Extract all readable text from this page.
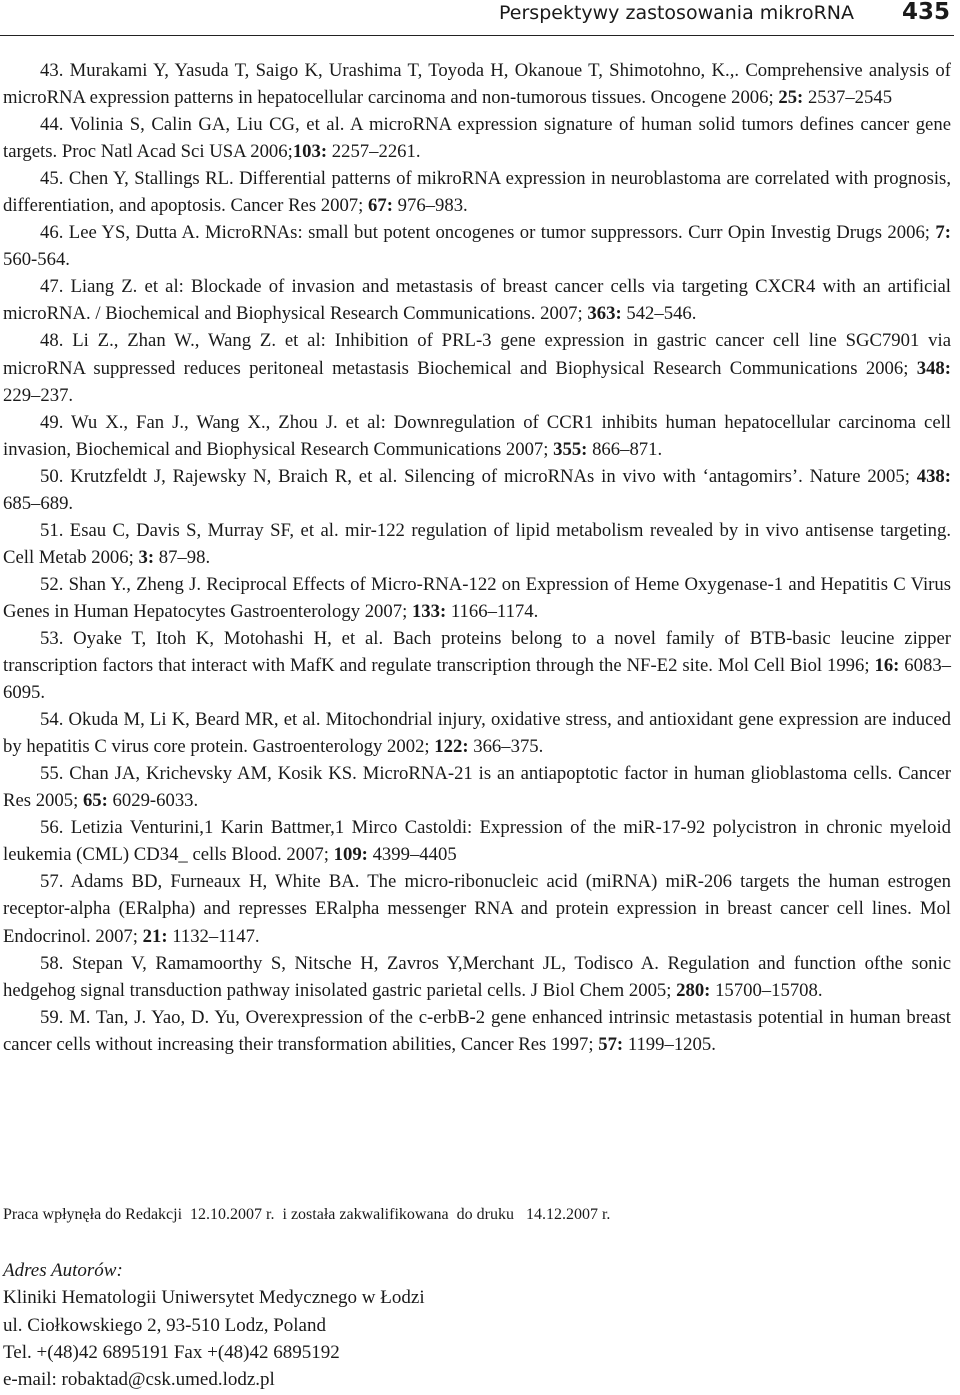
Perspektywy zastosowania mikroRNA 435

43. Murakami Y, Yasuda T, Saigo K, Urashima T, Toyoda H, Okanoue T, Shimotohno, K.,. Comprehensive analysis of microRNA expression patterns in hepatocellular carcinoma and non-tumorous tissues. Oncogene 2006; 25: 2537–2545

44. Volinia S, Calin GA, Liu CG, et al. A microRNA expression signature of human solid tumors defines cancer gene targets. Proc Natl Acad Sci USA 2006;103: 2257–2261.

45. Chen Y, Stallings RL. Differential patterns of mikroRNA expression in neuroblastoma are correlated with prognosis, differentiation, and apoptosis. Cancer Res 2007; 67: 976–983.

46. Lee YS, Dutta A. MicroRNAs: small but potent oncogenes or tumor suppressors. Curr Opin Investig Drugs 2006; 7: 560-564.

47. Liang Z. et al: Blockade of invasion and metastasis of breast cancer cells via targeting CXCR4 with an artificial microRNA. / Biochemical and Biophysical Research Communications. 2007; 363: 542–546.

48. Li Z., Zhan W., Wang Z. et al: Inhibition of PRL-3 gene expression in gastric cancer cell line SGC7901 via microRNA suppressed reduces peritoneal metastasis Biochemical and Biophysical Research Communications 2006; 348: 229–237.

49. Wu X., Fan J., Wang X., Zhou J. et al: Downregulation of CCR1 inhibits human hepatocellular carcinoma cell invasion, Biochemical and Biophysical Research Communications 2007; 355: 866–871.

50. Krutzfeldt J, Rajewsky N, Braich R, et al. Silencing of microRNAs in vivo with ‘antagomirs’. Nature 2005; 438: 685–689.

51. Esau C, Davis S, Murray SF, et al. mir-122 regulation of lipid metabolism revealed by in vivo antisense targeting. Cell Metab 2006; 3: 87–98.

52. Shan Y., Zheng J. Reciprocal Effects of Micro-RNA-122 on Expression of Heme Oxygenase-1 and Hepatitis C Virus Genes in Human Hepatocytes Gastroenterology 2007; 133: 1166–1174.

53. Oyake T, Itoh K, Motohashi H, et al. Bach proteins belong to a novel family of BTB-basic leucine zipper transcription factors that interact with MafK and regulate transcription through the NF-E2 site. Mol Cell Biol 1996; 16: 6083–6095.

54. Okuda M, Li K, Beard MR, et al. Mitochondrial injury, oxidative stress, and antioxidant gene expression are induced by hepatitis C virus core protein. Gastroenterology 2002; 122: 366–375.

55. Chan JA, Krichevsky AM, Kosik KS. MicroRNA-21 is an antiapoptotic factor in human glioblastoma cells. Cancer Res 2005; 65: 6029-6033.

56. Letizia Venturini,1 Karin Battmer,1 Mirco Castoldi: Expression of the miR-17-92 polycistron in chronic myeloid leukemia (CML) CD34_ cells Blood. 2007; 109: 4399–4405

57. Adams BD, Furneaux H, White BA. The micro-ribonucleic acid (miRNA) miR-206 targets the human estrogen receptor-alpha (ERalpha) and represses ERalpha messenger RNA and protein expression in breast cancer cell lines. Mol Endocrinol. 2007; 21: 1132–1147.

58. Stepan V, Ramamoorthy S, Nitsche H, Zavros Y,Merchant JL, Todisco A. Regulation and function ofthe sonic hedgehog signal transduction pathway inisolated gastric parietal cells. J Biol Chem 2005; 280: 15700–15708.

59. M. Tan, J. Yao, D. Yu, Overexpression of the c-erbB-2 gene enhanced intrinsic metastasis potential in human breast cancer cells without increasing their transformation abilities, Cancer Res 1997; 57: 1199–1205.

Praca wpłynęła do Redakcji  12.10.2007 r.  i została zakwalifikowana  do druku   14.12.2007 r.
Adres Autorów:
Kliniki Hematologii Uniwersytet Medycznego w Łodzi
ul. Ciołkowskiego 2, 93-510 Lodz, Poland
Tel. +(48)42 6895191 Fax +(48)42 6895192
e-mail: robaktad@csk.umed.lodz.pl
